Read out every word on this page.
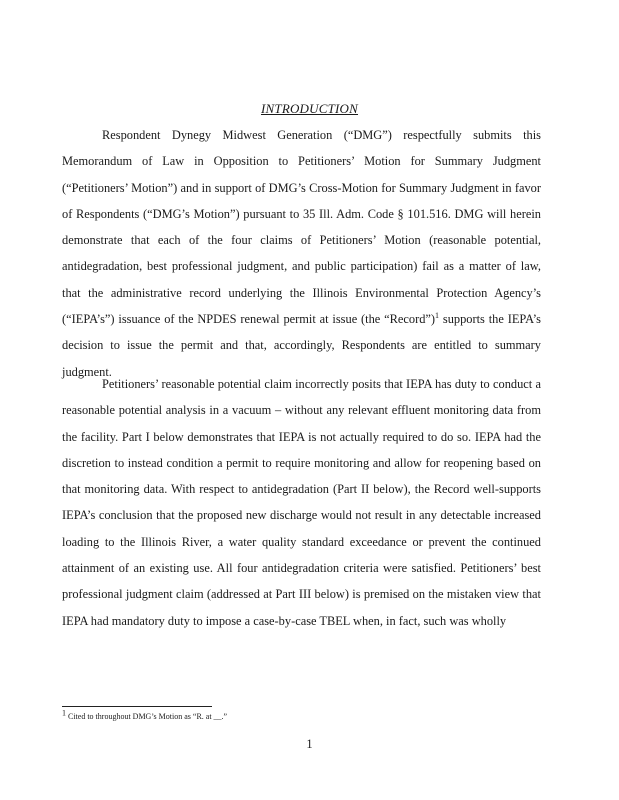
INTRODUCTION

Respondent Dynegy Midwest Generation (“DMG”) respectfully submits this Memorandum of Law in Opposition to Petitioners’ Motion for Summary Judgment (“Petitioners’ Motion”) and in support of DMG’s Cross-Motion for Summary Judgment in favor of Respondents (“DMG’s Motion”) pursuant to 35 Ill. Adm. Code § 101.516. DMG will herein demonstrate that each of the four claims of Petitioners’ Motion (reasonable potential, antidegradation, best professional judgment, and public participation) fail as a matter of law, that the administrative record underlying the Illinois Environmental Protection Agency’s (“IEPA’s”) issuance of the NPDES renewal permit at issue (the “Record”)$^1$ supports the IEPA’s decision to issue the permit and that, accordingly, Respondents are entitled to summary judgment.

Petitioners’ reasonable potential claim incorrectly posits that IEPA has duty to conduct a reasonable potential analysis in a vacuum – without any relevant effluent monitoring data from the facility. Part I below demonstrates that IEPA is not actually required to do so. IEPA had the discretion to instead condition a permit to require monitoring and allow for reopening based on that monitoring data. With respect to antidegradation (Part II below), the Record well-supports IEPA’s conclusion that the proposed new discharge would not result in any detectable increased loading to the Illinois River, a water quality standard exceedance or prevent the continued attainment of an existing use. All four antidegradation criteria were satisfied. Petitioners’ best professional judgment claim (addressed at Part III below) is premised on the mistaken view that IEPA had mandatory duty to impose a case-by-case TBEL when, in fact, such was wholly

$^1$ Cited to throughout DMG’s Motion as “R. at __.”
1
